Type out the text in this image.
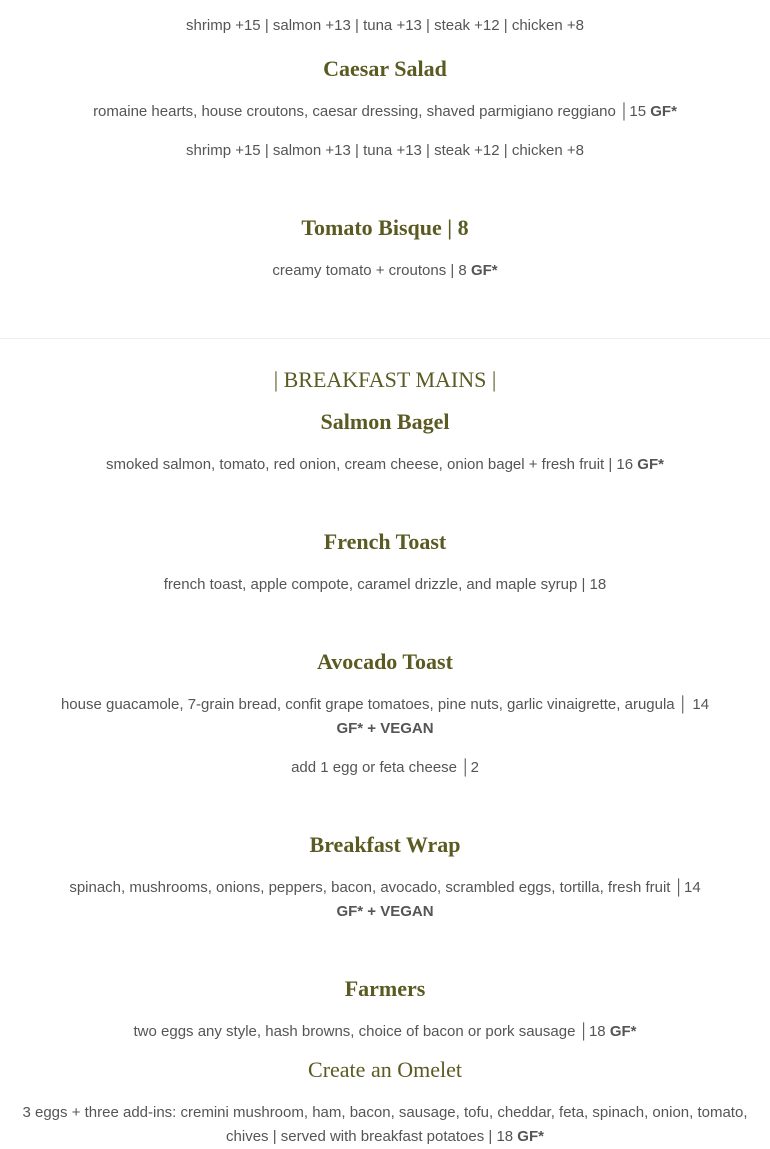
shrimp +15 | salmon +13 | tuna +13 | steak +12 | chicken +8
Caesar Salad
romaine hearts, house croutons, caesar dressing, shaved parmigiano reggiano │15 GF*
shrimp +15 | salmon +13 | tuna +13 | steak +12 | chicken +8
Tomato Bisque | 8
creamy tomato + croutons | 8 GF*
| BREAKFAST MAINS |
Salmon Bagel
smoked salmon, tomato, red onion, cream cheese, onion bagel + fresh fruit | 16 GF*
French Toast
french toast, apple compote, caramel drizzle, and maple syrup | 18
Avocado Toast
house guacamole, 7-grain bread, confit grape tomatoes, pine nuts, garlic vinaigrette, arugula │ 14
GF* + VEGAN
add 1 egg or feta cheese │2
Breakfast Wrap
spinach, mushrooms, onions, peppers, bacon, avocado, scrambled eggs, tortilla, fresh fruit │14
GF* + VEGAN
Farmers
two eggs any style, hash browns, choice of bacon or pork sausage │18 GF*
Create an Omelet
3 eggs + three add-ins: cremini mushroom, ham, bacon, sausage, tofu, cheddar, feta, spinach, onion, tomato,
chives | served with breakfast potatoes | 18 GF*
